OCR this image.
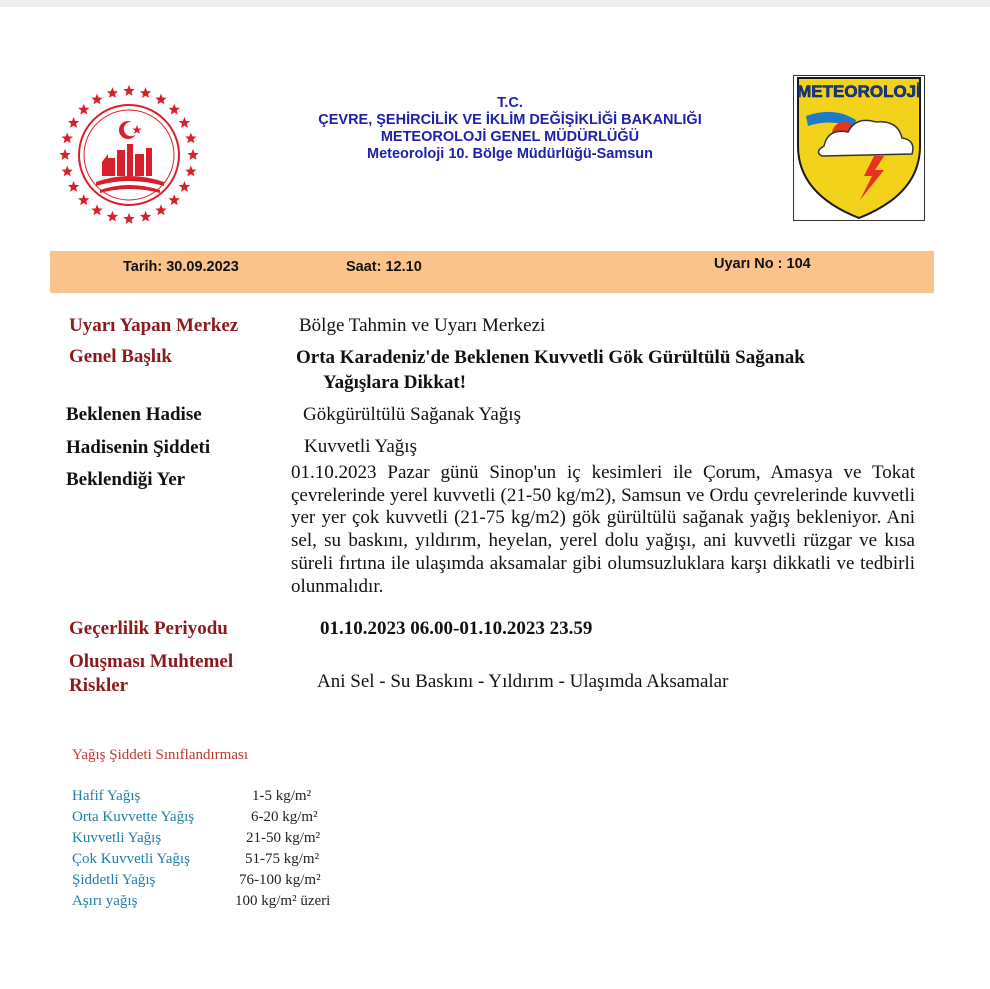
T.C.
ÇEVRE, ŞEHİRCİLİK VE İKLİM DEĞİŞİKLİĞİ BAKANLIĞI
METEOROLOJİ GENEL MÜDÜRLÜĞÜ
Meteoroloji 10. Bölge Müdürlüğü-Samsun
METEOROLOJİ
Tarih: 30.09.2023	Saat: 12.10	Uyarı No : 104
Uyarı Yapan Merkez	Bölge Tahmin ve Uyarı Merkezi
Genel Başlık	Orta Karadeniz'de Beklenen Kuvvetli Gök Gürültülü Sağanak
Yağışlara Dikkat!
Beklenen Hadise	Gökgürültülü Sağanak Yağış
Hadisenin Şiddeti	Kuvvetli Yağış
Beklendiği Yer	01.10.2023 Pazar günü Sinop'un iç kesimleri ile Çorum, Amasya ve Tokat çevrelerinde yerel kuvvetli (21-50 kg/m2), Samsun ve Ordu çevrelerinde kuvvetli yer yer çok kuvvetli (21-75 kg/m2) gök gürültülü sağanak yağış bekleniyor. Ani sel, su baskını, yıldırım, heyelan, yerel dolu yağışı, ani kuvvetli rüzgar ve kısa süreli fırtına ile ulaşımda aksamalar gibi olumsuzluklara karşı dikkatli ve tedbirli olunmalıdır.
Geçerlilik Periyodu	01.10.2023 06.00-01.10.2023 23.59
Oluşması Muhtemel
Riskler	Ani Sel - Su Baskını - Yıldırım - Ulaşımda Aksamalar
Yağış Şiddeti Sınıflandırması
Hafif Yağış	1-5 kg/m²
Orta Kuvvette Yağış	6-20 kg/m²
Kuvvetli Yağış	21-50 kg/m²
Çok Kuvvetli Yağış	51-75 kg/m²
Şiddetli Yağış	76-100 kg/m²
Aşırı yağış	100 kg/m² üzeri
